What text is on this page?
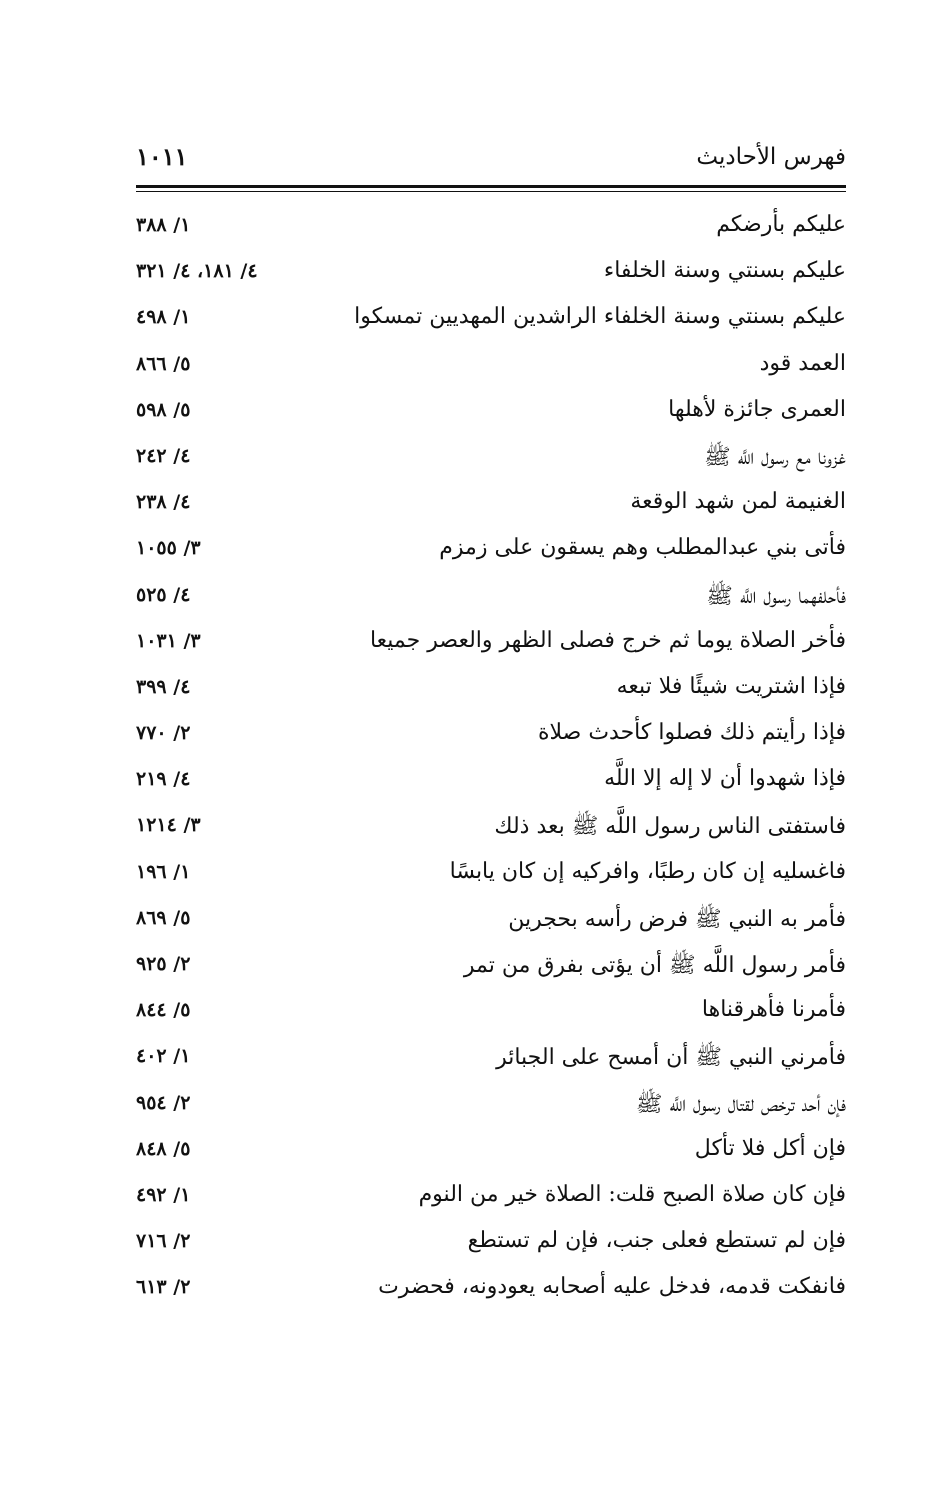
فهرس الأحاديث
١٠١١
عليكم بأرضكم
١/ ٣٨٨
عليكم بسنتي وسنة الخلفاء
٤/ ١٨١، ٤/ ٣٢١
عليكم بسنتي وسنة الخلفاء الراشدين المهديين تمسكوا
١/ ٤٩٨
العمد قود
٥/ ٨٦٦
العمرى جائزة لأهلها
٥/ ٥٩٨
غزونا مع رسول اللَّه ﷺ
٤/ ٢٤٢
الغنيمة لمن شهد الوقعة
٤/ ٢٣٨
فأتى بني عبدالمطلب وهم يسقون على زمزم
٣/ ١٠٥٥
فأحلفهما رسول اللَّه ﷺ
٤/ ٥٢٥
فأخر الصلاة يوما ثم خرج فصلى الظهر والعصر جميعا
٣/ ١٠٣١
فإذا اشتريت شيئًا فلا تبعه
٤/ ٣٩٩
فإذا رأيتم ذلك فصلوا كأحدث صلاة
٢/ ٧٧٠
فإذا شهدوا أن لا إله إلا اللَّه
٤/ ٢١٩
فاستفتى الناس رسول اللَّه ﷺ بعد ذلك
٣/ ١٢١٤
فاغسليه إن كان رطبًا، وافركيه إن كان يابسًا
١/ ١٩٦
فأمر به النبي ﷺ فرض رأسه بحجرين
٥/ ٨٦٩
فأمر رسول اللَّه ﷺ أن يؤتى بفرق من تمر
٢/ ٩٢٥
فأمرنا فأهرقناها
٥/ ٨٤٤
فأمرني النبي ﷺ أن أمسح على الجبائر
١/ ٤٠٢
فإن أحد ترخص لقتال رسول اللَّه ﷺ
٢/ ٩٥٤
فإن أكل فلا تأكل
٥/ ٨٤٨
فإن كان صلاة الصبح قلت: الصلاة خير من النوم
١/ ٤٩٢
فإن لم تستطع فعلى جنب، فإن لم تستطع
٢/ ٧١٦
فانفكت قدمه، فدخل عليه أصحابه يعودونه، فحضرت
٢/ ٦١٣
